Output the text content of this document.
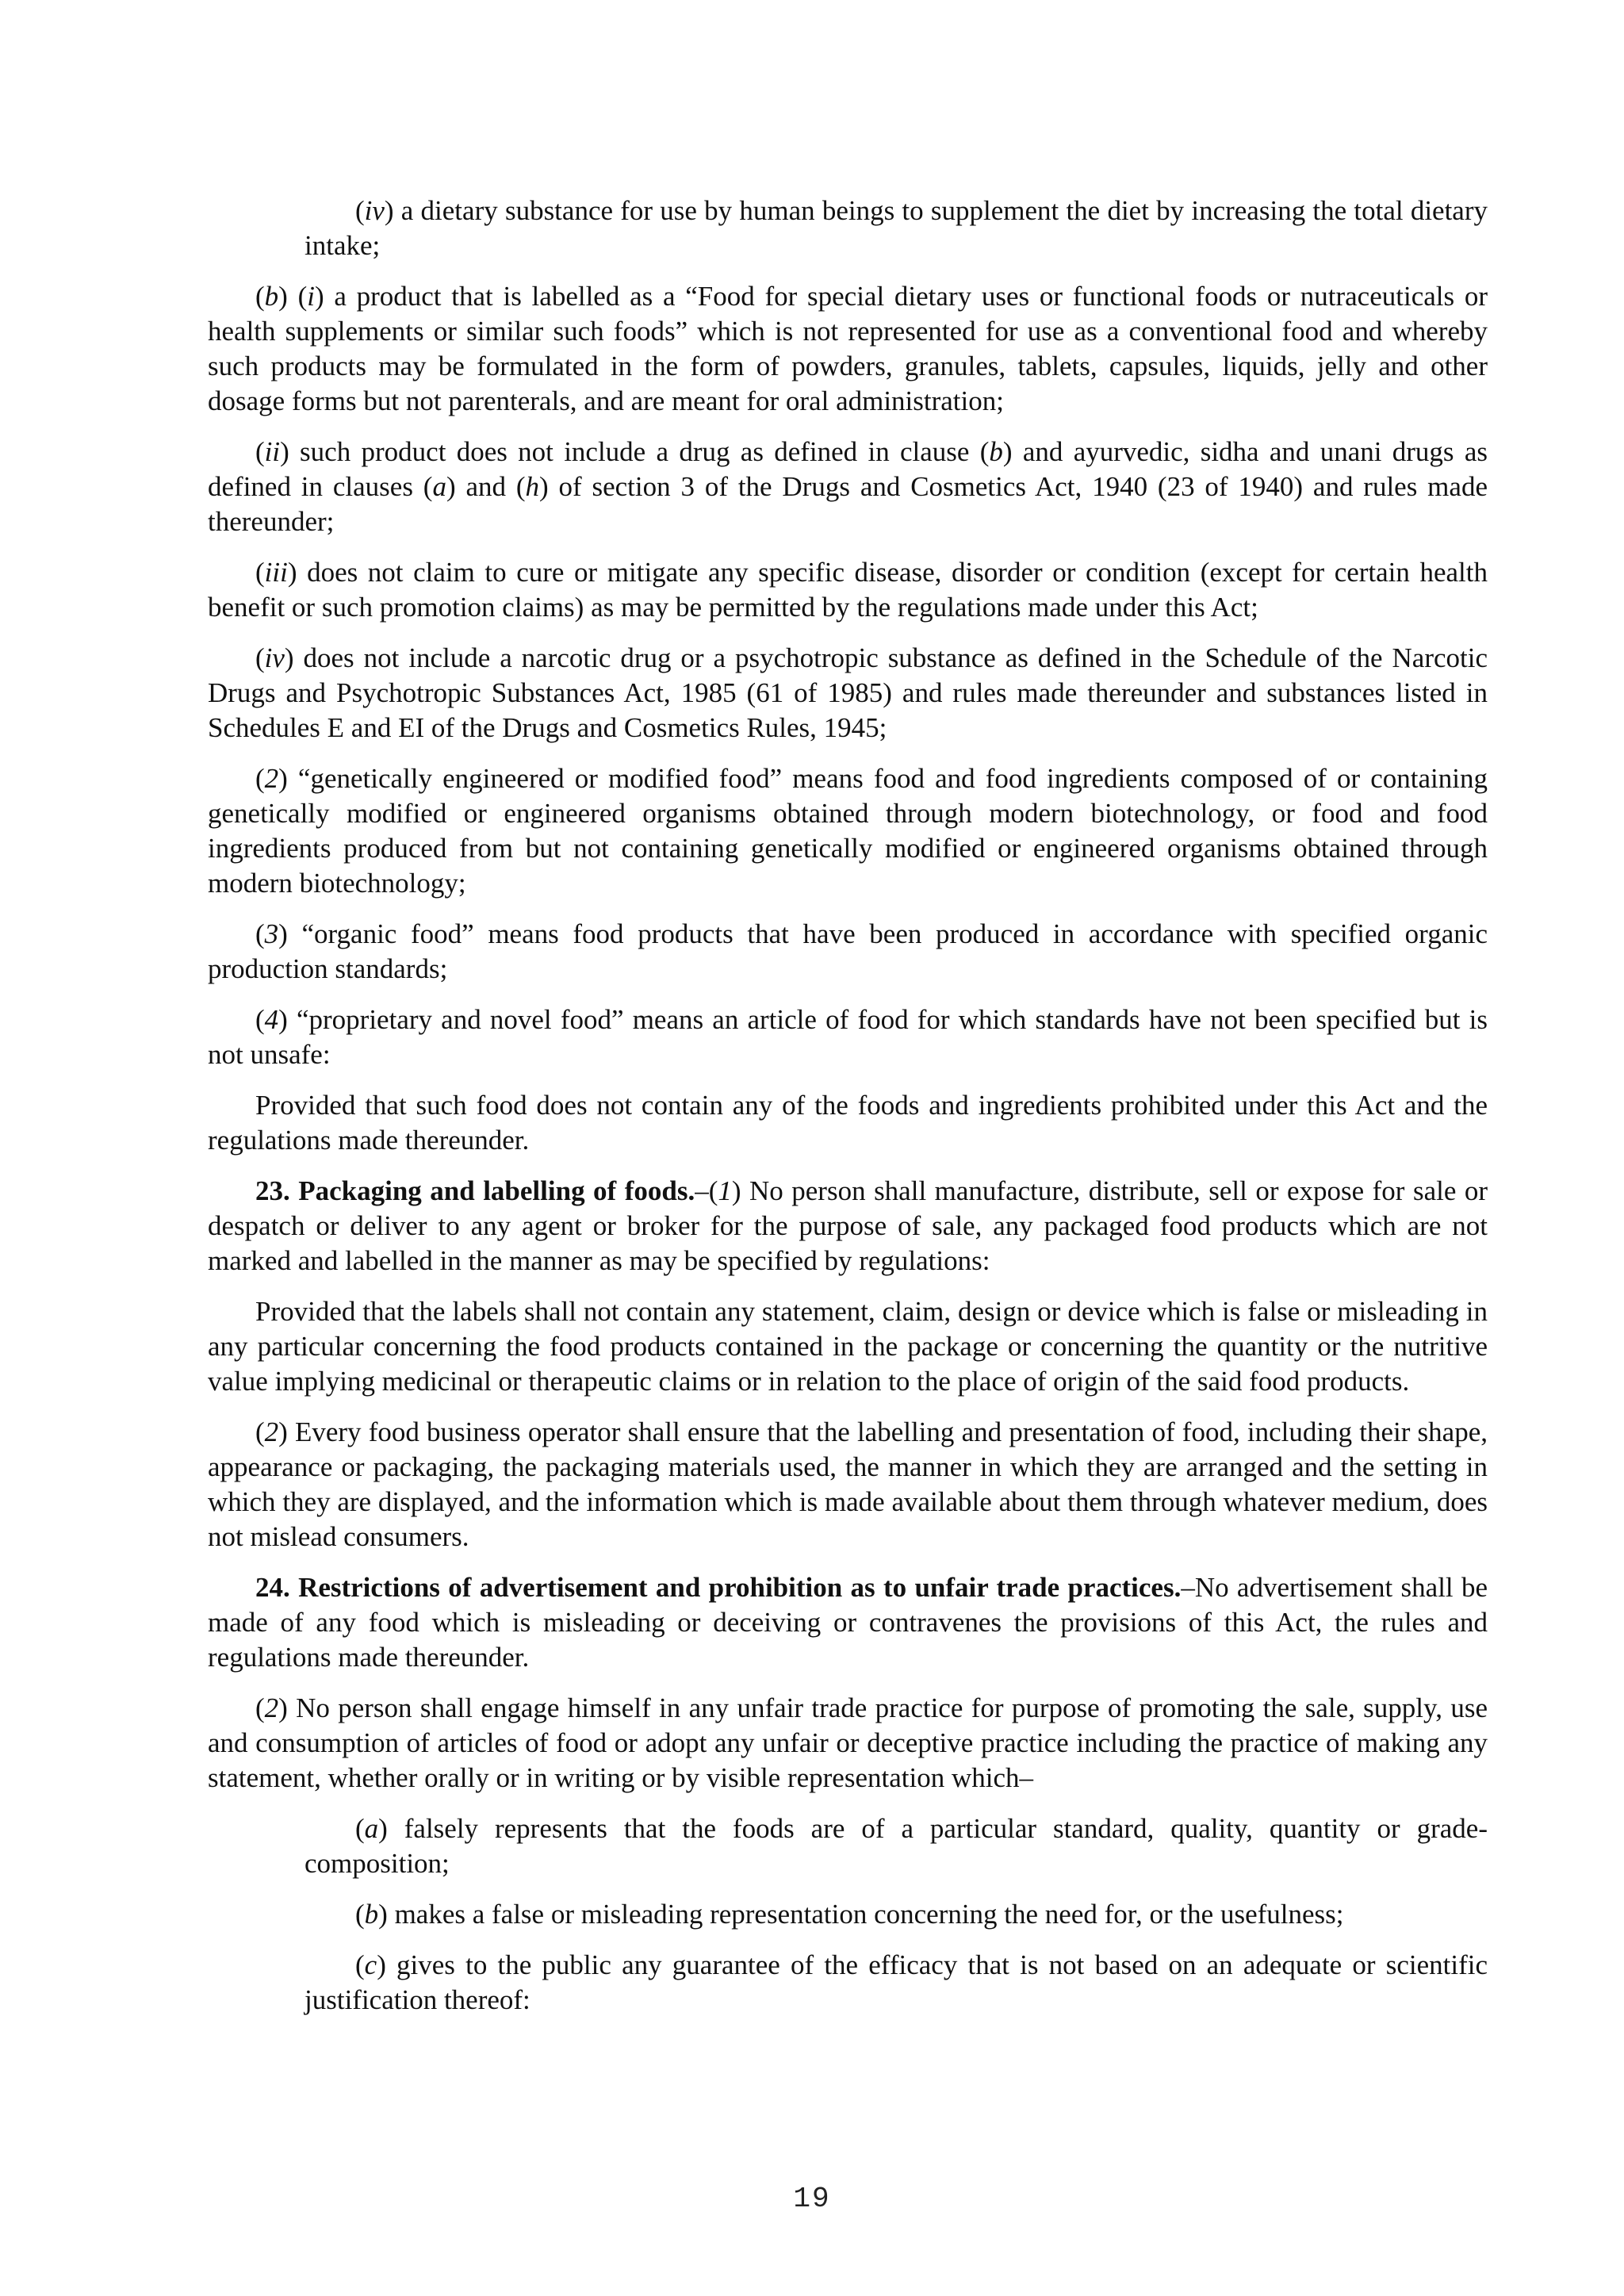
(iv) a dietary substance for use by human beings to supplement the diet by increasing the total dietary intake;

(b) (i) a product that is labelled as a “Food for special dietary uses or functional foods or nutraceuticals or health supplements or similar such foods” which is not represented for use as a conventional food and whereby such products may be formulated in the form of powders, granules, tablets, capsules, liquids, jelly and other dosage forms but not parenterals, and are meant for oral administration;

(ii) such product does not include a drug as defined in clause (b) and ayurvedic, sidha and unani drugs as defined in clauses (a) and (h) of section 3 of the Drugs and Cosmetics Act, 1940 (23 of 1940) and rules made thereunder;

(iii) does not claim to cure or mitigate any specific disease, disorder or condition (except for certain health benefit or such promotion claims) as may be permitted by the regulations made under this Act;

(iv) does not include a narcotic drug or a psychotropic substance as defined in the Schedule of the Narcotic Drugs and Psychotropic Substances Act, 1985 (61 of 1985) and rules made thereunder and substances listed in Schedules E and EI of the Drugs and Cosmetics Rules, 1945;

(2) “genetically engineered or modified food” means food and food ingredients composed of or containing genetically modified or engineered organisms obtained through modern biotechnology, or food and food ingredients produced from but not containing genetically modified or engineered organisms obtained through modern biotechnology;

(3) “organic food” means food products that have been produced in accordance with specified organic production standards;

(4) “proprietary and novel food” means an article of food for which standards have not been specified but is not unsafe:

Provided that such food does not contain any of the foods and ingredients prohibited under this Act and the regulations made thereunder.

23. Packaging and labelling of foods.–(1) No person shall manufacture, distribute, sell or expose for sale or despatch or deliver to any agent or broker for the purpose of sale, any packaged food products which are not marked and labelled in the manner as may be specified by regulations:

Provided that the labels shall not contain any statement, claim, design or device which is false or misleading in any particular concerning the food products contained in the package or concerning the quantity or the nutritive value implying medicinal or therapeutic claims or in relation to the place of origin of the said food products.

(2) Every food business operator shall ensure that the labelling and presentation of food, including their shape, appearance or packaging, the packaging materials used, the manner in which they are arranged and the setting in which they are displayed, and the information which is made available about them through whatever medium, does not mislead consumers.

24. Restrictions of advertisement and prohibition as to unfair trade practices.–No advertisement shall be made of any food which is misleading or deceiving or contravenes the provisions of this Act, the rules and regulations made thereunder.

(2) No person shall engage himself in any unfair trade practice for purpose of promoting the sale, supply, use and consumption of articles of food or adopt any unfair or deceptive practice including the practice of making any statement, whether orally or in writing or by visible representation which–

(a) falsely represents that the foods are of a particular standard, quality, quantity or grade-composition;

(b) makes a false or misleading representation concerning the need for, or the usefulness;

(c) gives to the public any guarantee of the efficacy that is not based on an adequate or scientific justification thereof:

19
